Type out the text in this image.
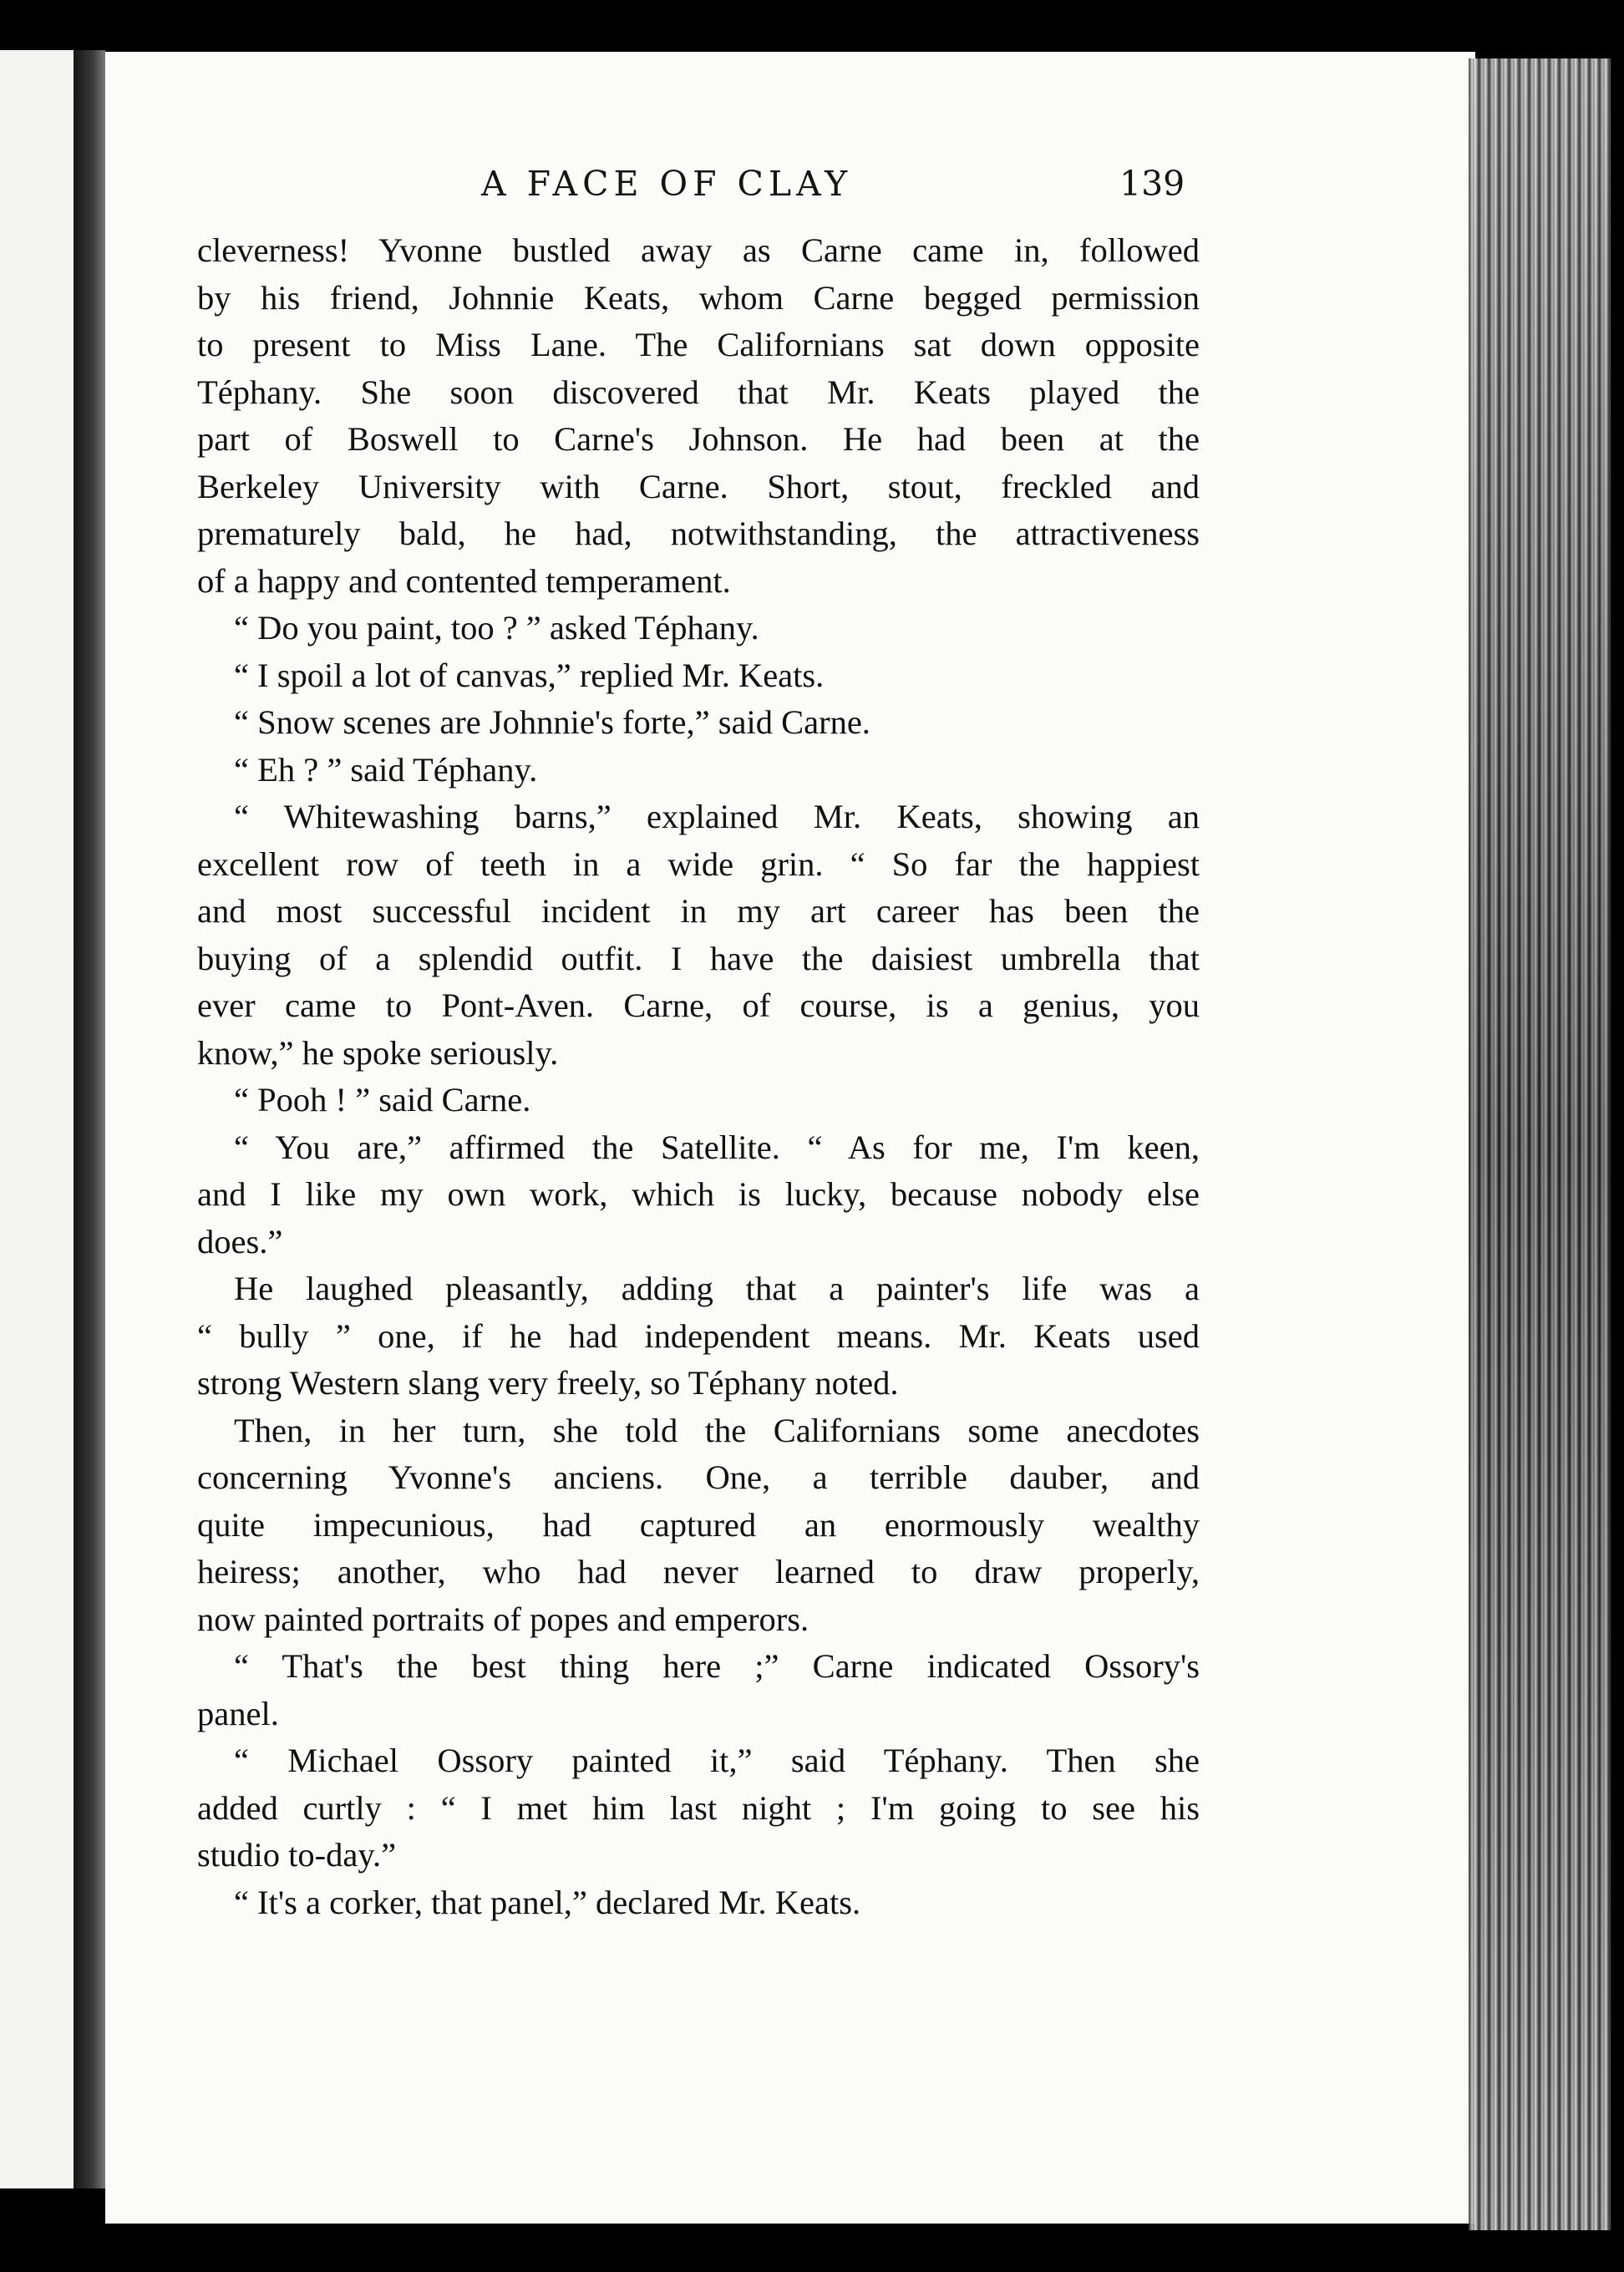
A FACE OF CLAY	139
cleverness! Yvonne bustled away as Carne came in, followed
by his friend, Johnnie Keats, whom Carne begged permission
to present to Miss Lane. The Californians sat down opposite
Téphany. She soon discovered that Mr. Keats played the
part of Boswell to Carne's Johnson. He had been at the
Berkeley University with Carne. Short, stout, freckled and
prematurely bald, he had, notwithstanding, the attractiveness
of a happy and contented temperament.
“ Do you paint, too ? ” asked Téphany.
“ I spoil a lot of canvas,” replied Mr. Keats.
“ Snow scenes are Johnnie's forte,” said Carne.
“ Eh ? ” said Téphany.
“ Whitewashing barns,” explained Mr. Keats, showing an
excellent row of teeth in a wide grin. “ So far the happiest
and most successful incident in my art career has been the
buying of a splendid outfit. I have the daisiest umbrella that
ever came to Pont-Aven. Carne, of course, is a genius, you
know,” he spoke seriously.
“ Pooh ! ” said Carne.
“ You are,” affirmed the Satellite. “ As for me, I'm keen,
and I like my own work, which is lucky, because nobody else
does.”
He laughed pleasantly, adding that a painter's life was a
“ bully ” one, if he had independent means. Mr. Keats used
strong Western slang very freely, so Téphany noted.
Then, in her turn, she told the Californians some anecdotes
concerning Yvonne's anciens. One, a terrible dauber, and
quite impecunious, had captured an enormously wealthy
heiress; another, who had never learned to draw properly,
now painted portraits of popes and emperors.
“ That's the best thing here ;” Carne indicated Ossory's
panel.
“ Michael Ossory painted it,” said Téphany. Then she
added curtly : “ I met him last night ; I'm going to see his
studio to-day.”
“ It's a corker, that panel,” declared Mr. Keats.
